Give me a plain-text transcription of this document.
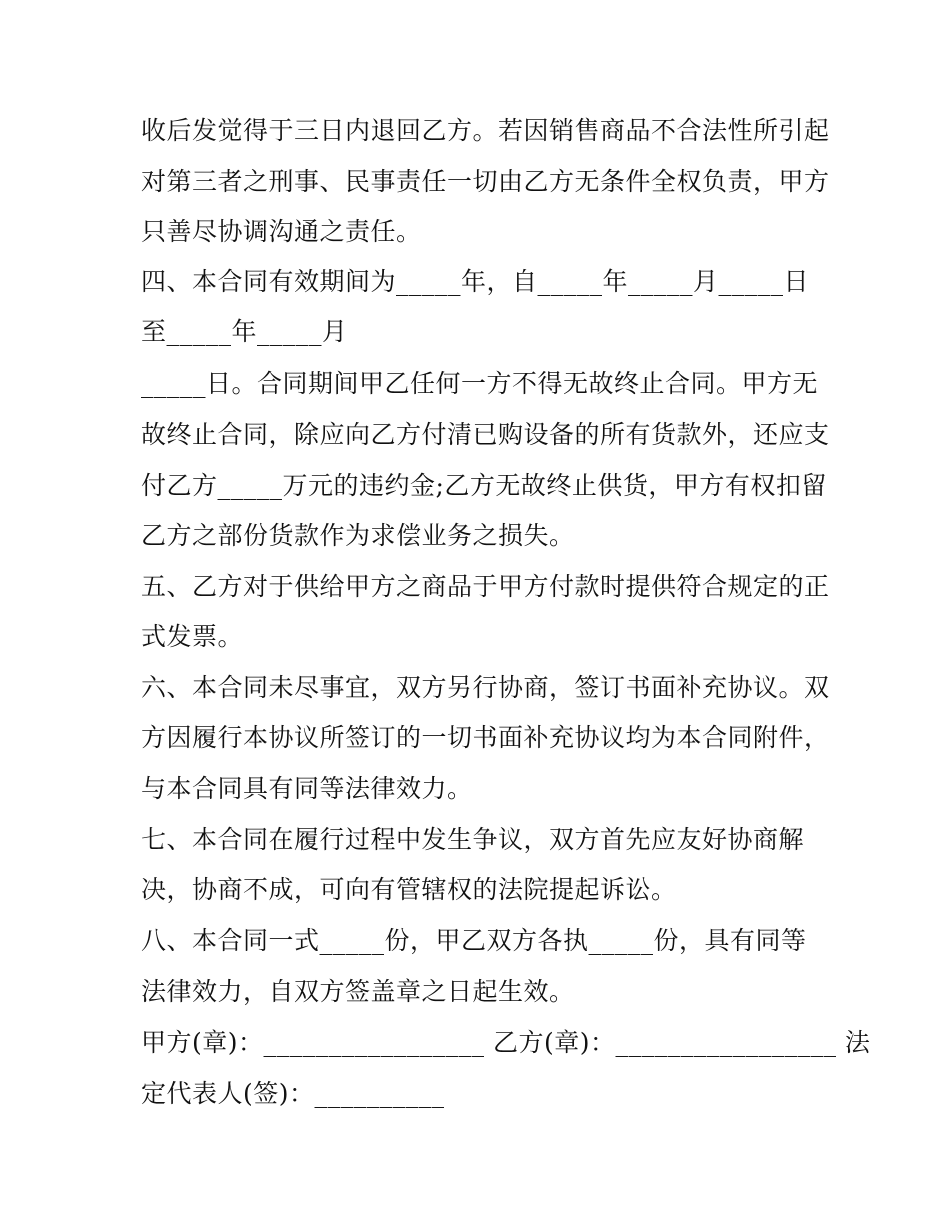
收后发觉得于三日内退回乙方。若因销售商品不合法性所引起

对第三者之刑事、民事责任一切由乙方无条件全权负责，甲方

只善尽协调沟通之责任。

四、本合同有效期间为_____年，自_____年_____月_____日

至_____年_____月

_____日。合同期间甲乙任何一方不得无故终止合同。甲方无

故终止合同，除应向乙方付清已购设备的所有货款外，还应支

付乙方_____万元的违约金;乙方无故终止供货，甲方有权扣留

乙方之部份货款作为求偿业务之损失。

五、乙方对于供给甲方之商品于甲方付款时提供符合规定的正

式发票。

六、本合同未尽事宜，双方另行协商，签订书面补充协议。双

方因履行本协议所签订的一切书面补充协议均为本合同附件，

与本合同具有同等法律效力。

七、本合同在履行过程中发生争议，双方首先应友好协商解

决，协商不成，可向有管辖权的法院提起诉讼。

八、本合同一式_____份，甲乙双方各执_____份，具有同等

法律效力，自双方签盖章之日起生效。

甲方(章)：_________________ 乙方(章)：_________________ 法

定代表人(签)：__________
